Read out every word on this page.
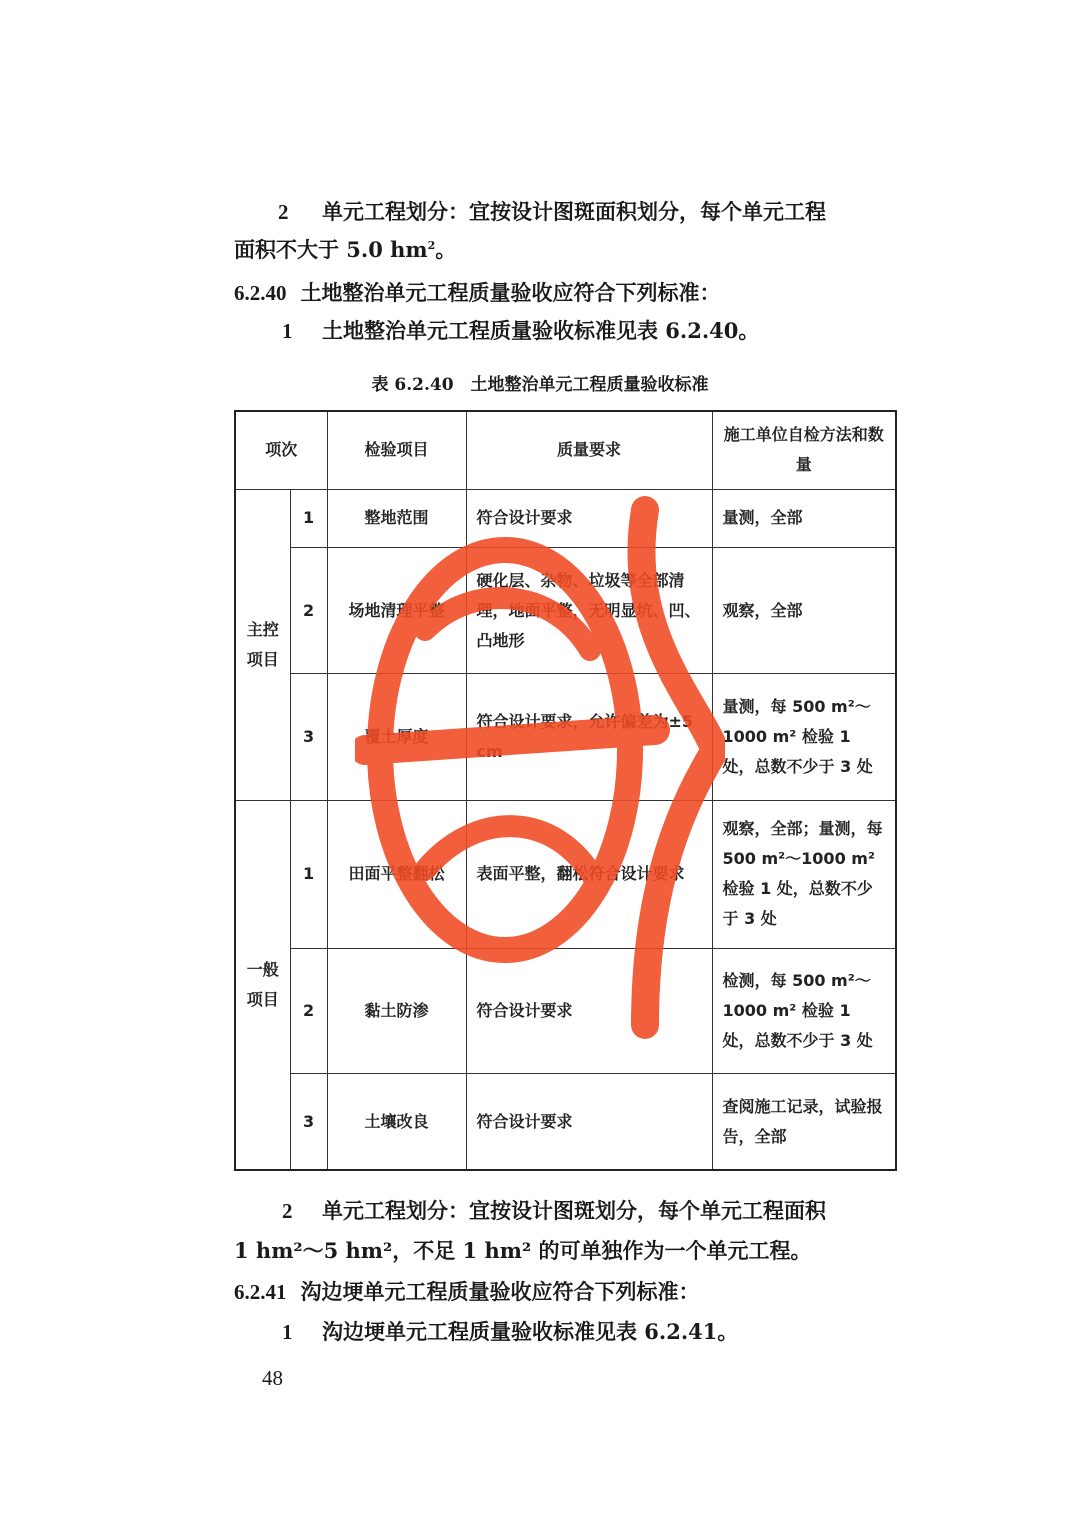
2 单元工程划分：宜按设计图斑面积划分，每个单元工程
面积不大于 5.0 $hm^2$。
6.2.40 土地整治单元工程质量验收应符合下列标准：
1 土地整治单元工程质量验收标准见表 6.2.40。
表 6.2.40　土地整治单元工程质量验收标准
项次		检验项目	质量要求	施工单位自检方法和数量
主控项目	1	整地范围	符合设计要求	量测，全部
	2	场地清理平整	硬化层、杂物、垃圾等全部清理，地面平整，无明显坑、凹、凸地形	观察，全部
	3	覆土厚度	符合设计要求，允许偏差为±5 cm	量测，每 500 m²～1000 m² 检验 1 处，总数不少于 3 处
一般项目	1	田面平整翻松	表面平整，翻松符合设计要求	观察，全部；量测，每 500 m²～1000 m² 检验 1 处，总数不少于 3 处
	2	黏土防渗	符合设计要求	检测，每 500 m²～1000 m² 检验 1 处，总数不少于 3 处
	3	土壤改良	符合设计要求	查阅施工记录，试验报告，全部
2 单元工程划分：宜按设计图斑划分，每个单元工程面积
1 hm²～5 hm²，不足 1 hm² 的可单独作为一个单元工程。
6.2.41 沟边埂单元工程质量验收应符合下列标准：
1 沟边埂单元工程质量验收标准见表 6.2.41。
48
